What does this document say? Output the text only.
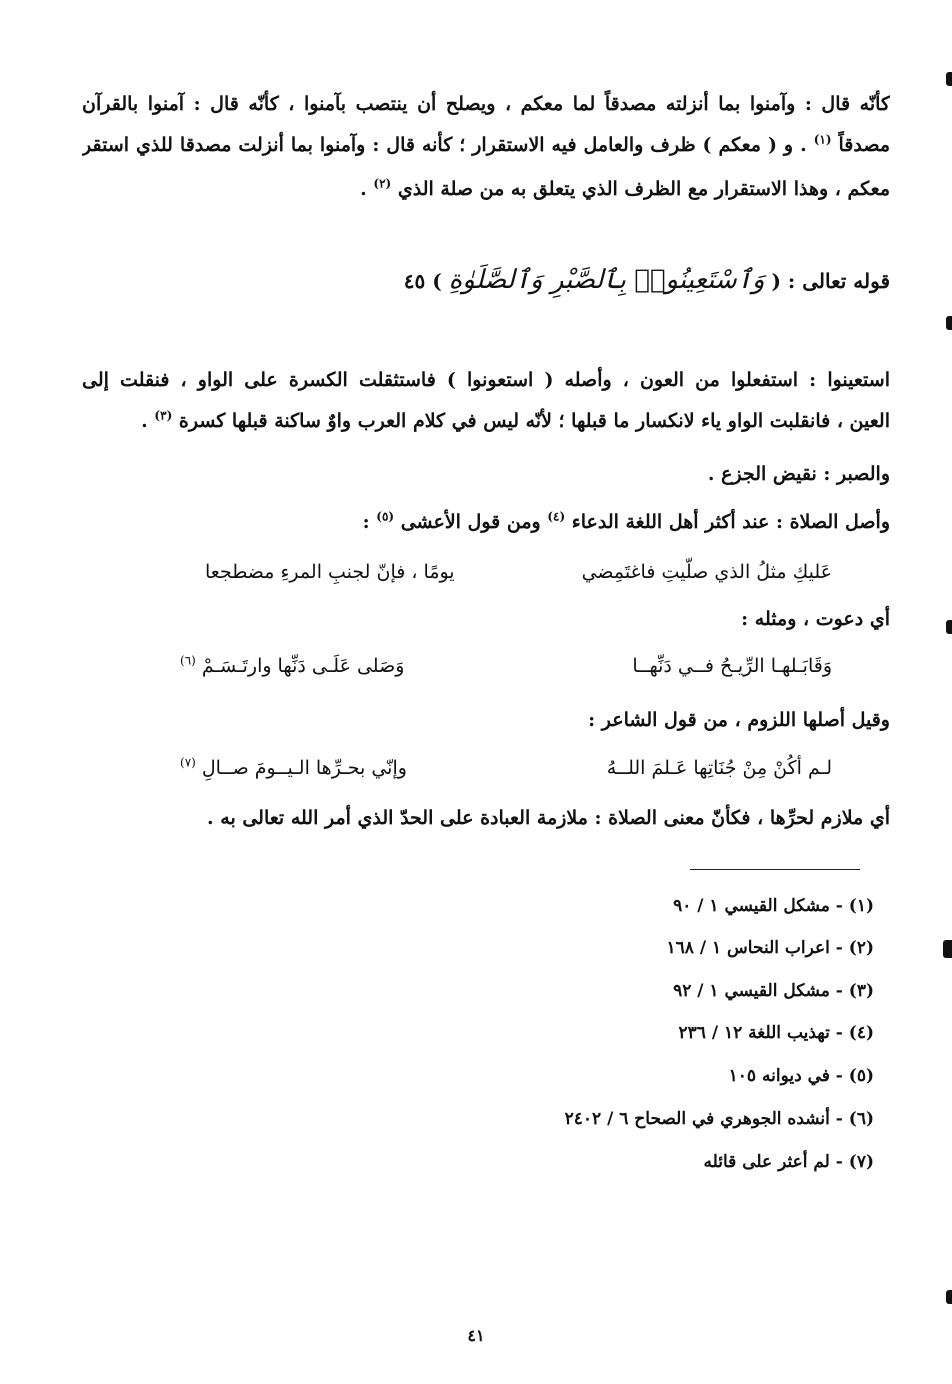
كأنّه قال : وآمنوا بما أنزلته مصدقاً لما معكم ، ويصلح أن ينتصب بآمنوا ، كأنّه قال : آمنوا بالقرآن
مصدقاً $^{(١)}$ . و ( معكم ) ظرف والعامل فيه الاستقرار ؛ كأنه قال : وآمنوا بما أنزلت مصدقا للذي استقر
معكم ، وهذا الاستقرار مع الظرف الذي يتعلق به من صلة الذي $^{(٢)}$ .
قوله تعالى : ( وَٱسْتَعِينُوا۟ بِٱلصَّبْرِ وَٱلصَّلَوٰةِ ) ٤٥
استعينوا : استفعلوا من العون ، وأصله ( استعونوا ) فاستثقلت الكسرة على الواو ، فنقلت إلى
العين ، فانقلبت الواو ياء لانكسار ما قبلها ؛ لأنّه ليس في كلام العرب واوٌ ساكنة قبلها كسرة $^{(٣)}$ .
والصبر : نقيض الجزع .
وأصل الصلاة : عند أكثر أهل اللغة الدعاء $^{(٤)}$ ومن قول الأعشى $^{(٥)}$ :
عَليكِ مثلُ الذي صلّيتِ فاغتَمِضي
يومًا ، فإنّ لجنبِ المرءِ مضطجعا
أي دعوت ، ومثله :
وَقَابَـلهـا الرِّيـحُ فــي دَنِّهــا
وَصَلى عَلَـى دَنِّها وارتَـسَـمْ $^{(٦)}$
وقيل أصلها اللزوم ، من قول الشاعر :
لـم أكُنْ مِنْ جُنَاتِها عَـلمَ اللــهُ
وإنّي بحـرِّها الـيــومَ صــالِ $^{(٧)}$
أي ملازم لحرِّها ، فكأنّ معنى الصلاة : ملازمة العبادة على الحدّ الذي أمر الله تعالى به .
(١) - مشكل القيسي ١ / ٩٠
(٢) - اعراب النحاس ١ / ١٦٨
(٣) - مشكل القيسي ١ / ٩٢
(٤) - تهذيب اللغة ١٢ / ٢٣٦
(٥) - في ديوانه ١٠٥
(٦) - أنشده الجوهري في الصحاح ٦ / ٢٤٠٢
(٧) - لم أعثر على قائله
٤١
